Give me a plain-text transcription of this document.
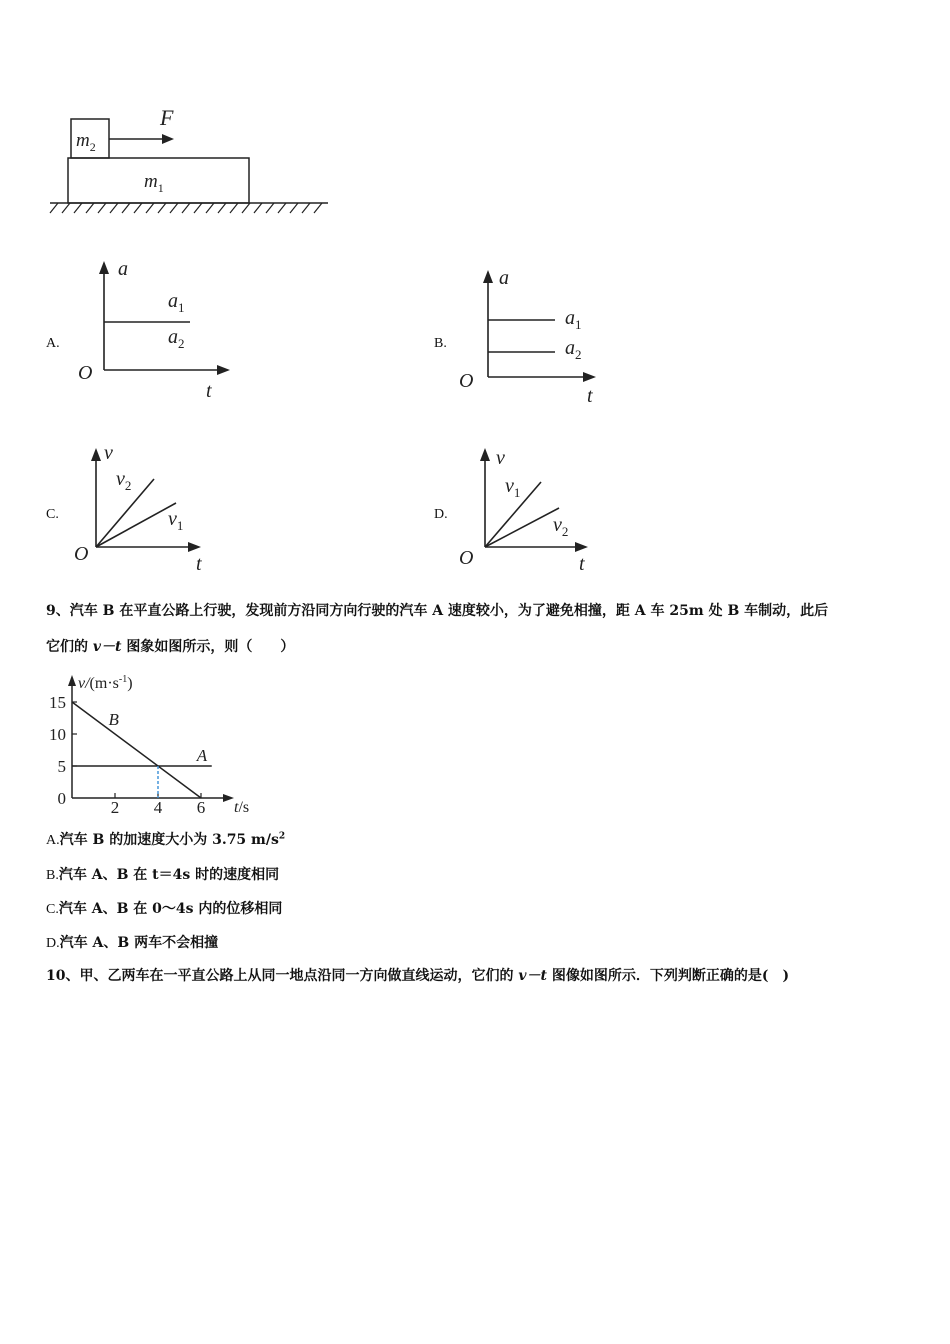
$m_2$
$m_1$
F
A.
a
t
O
$a_1$
$a_2$	B.
a
t
O
$a_1$
$a_2$
C.
v
t
O
$v_2$
$v_1$
D.
v
t
O
$v_1$
$v_2$
9、汽车 B 在平直公路上行驶，发现前方沿同方向行驶的汽车 A 速度较小，为了避免相撞，距 A 车 25m 处 B 车制动，此后
它们的 v－t 图象如图所示，则（　　）
$v/(m\cdot s^{-1})$
t/s
15
10
5
0	2 4 6
B
A
A.汽车 B 的加速度大小为 3.75 $m/s^2$
B.汽车 A、B 在 t＝4s 时的速度相同
C.汽车 A、B 在 0～4s 内的位移相同
D.汽车 A、B 两车不会相撞
10、甲、乙两车在一平直公路上从同一地点沿同一方向做直线运动，它们的 v－t 图像如图所示．下列判断正确的是(　)
